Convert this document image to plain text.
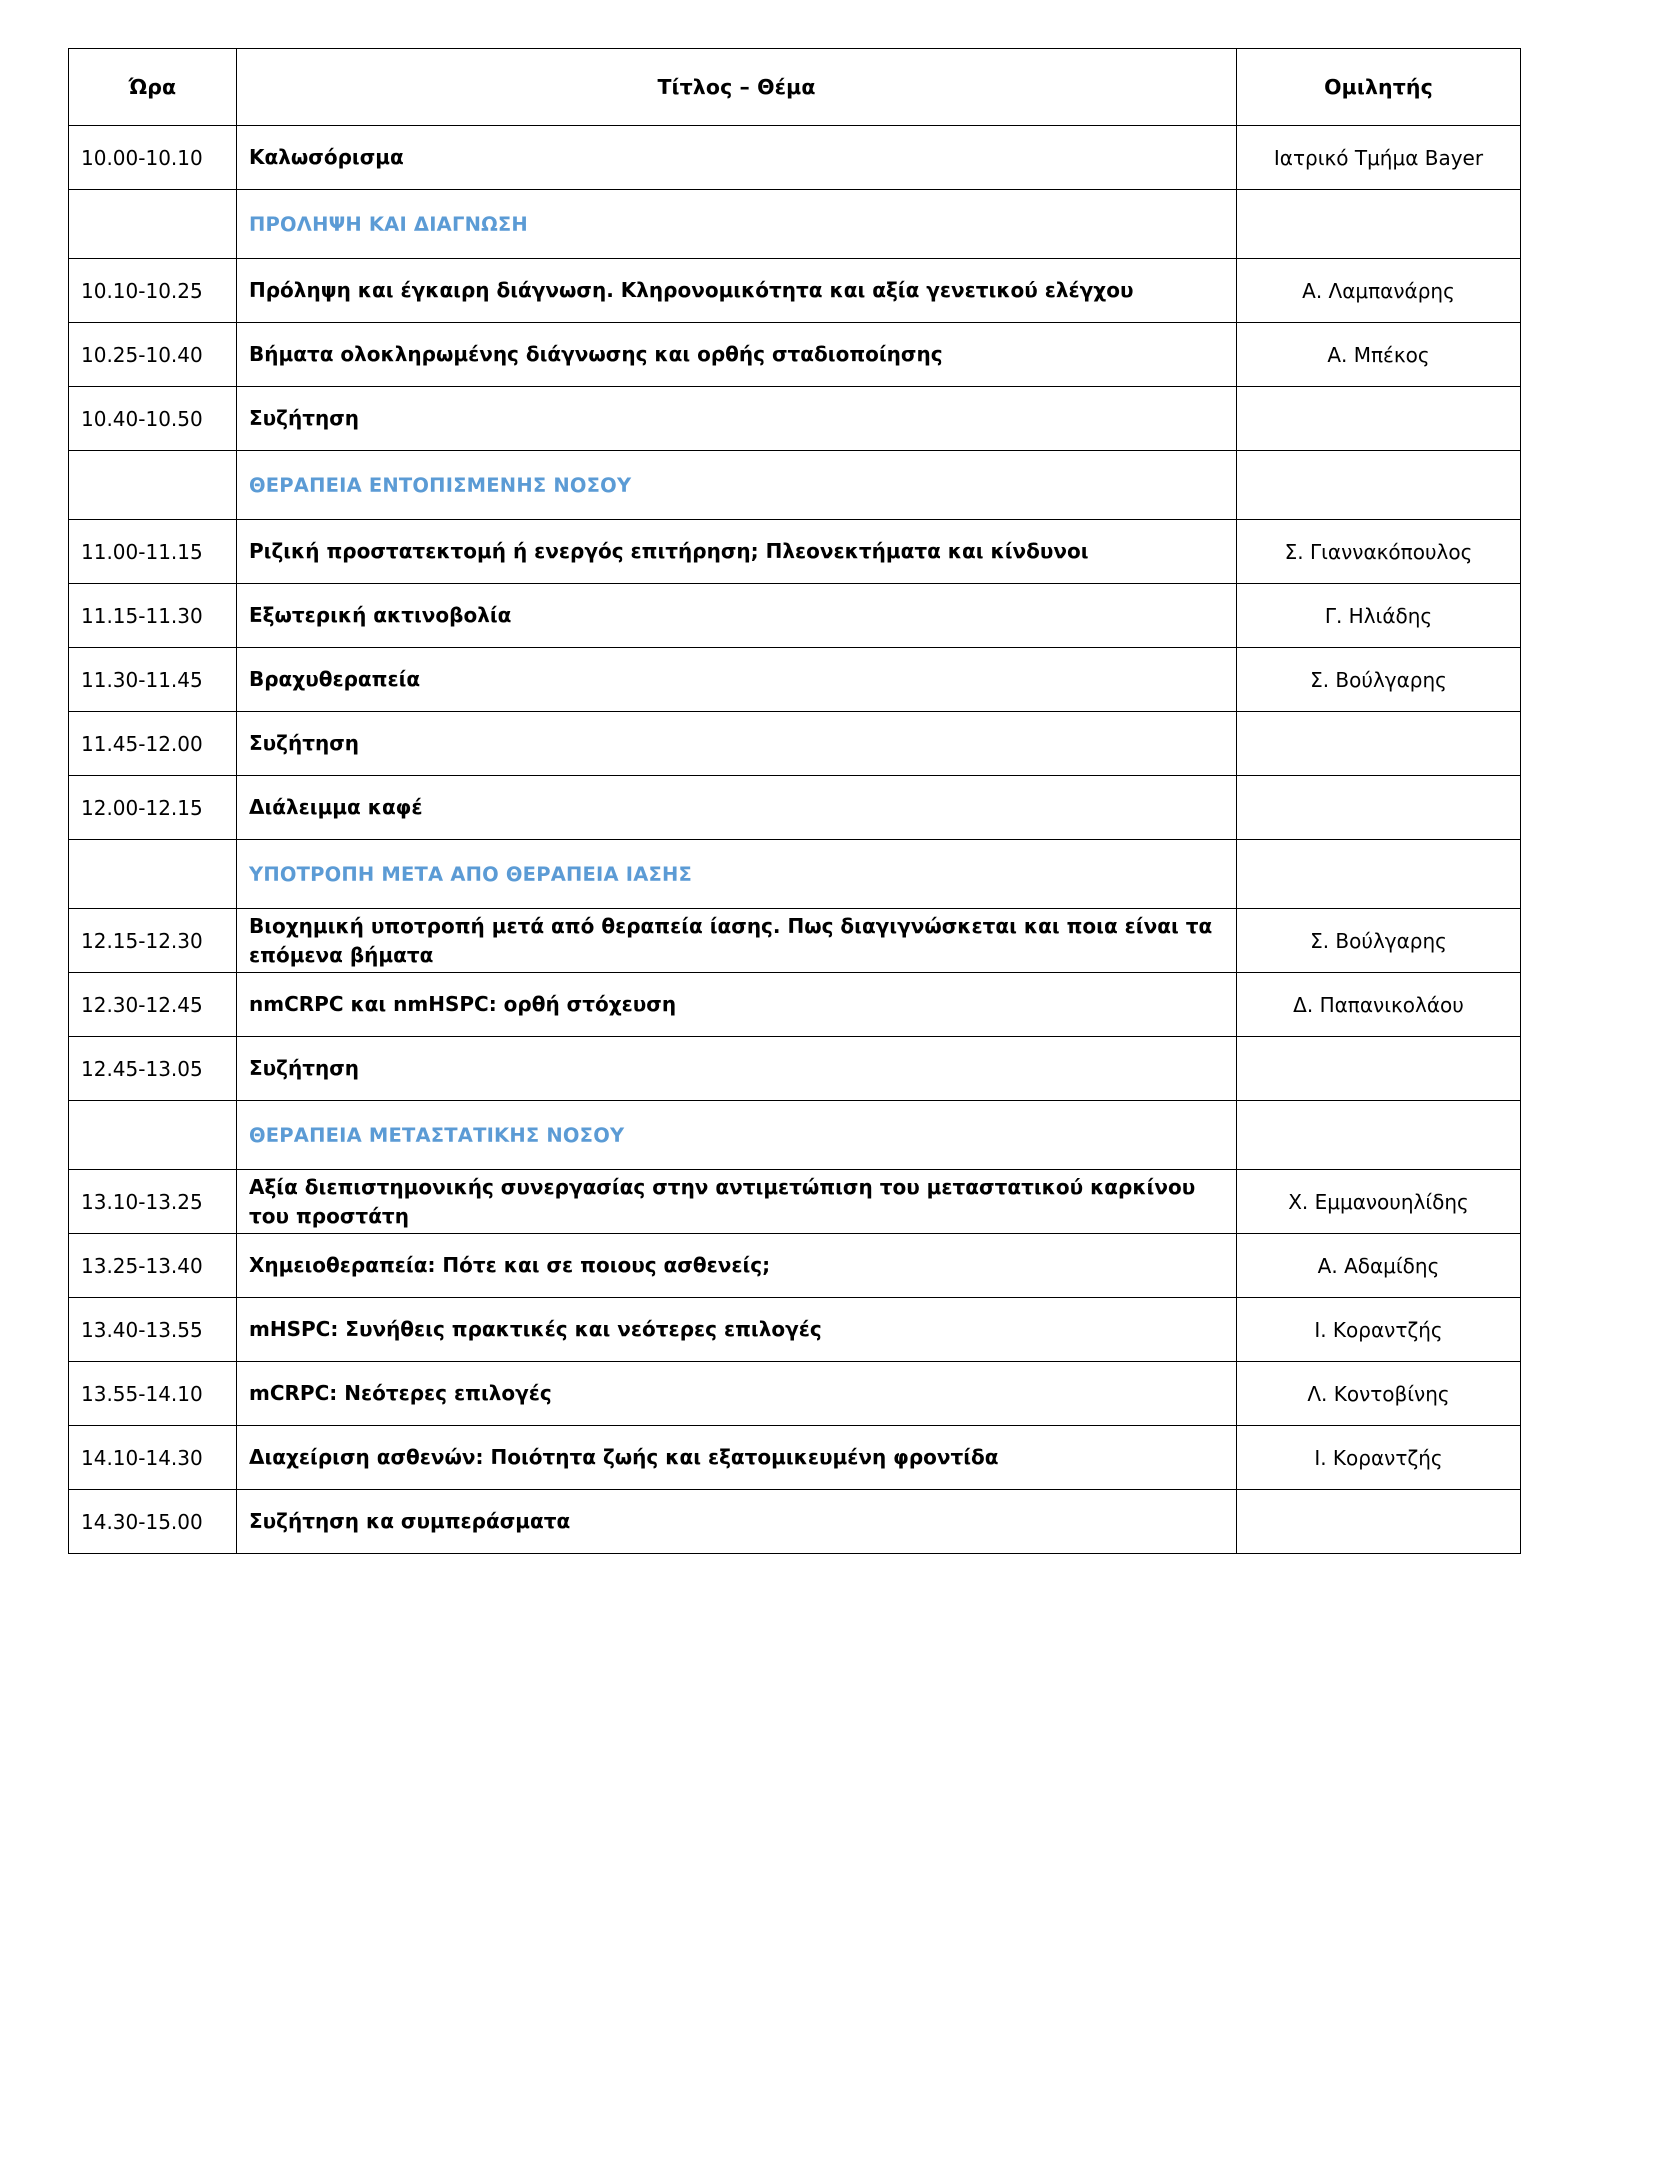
Ώρα	Τίτλος – Θέμα	Ομιλητής
10.00-10.10	Καλωσόρισμα	Ιατρικό Τμήμα Bayer
	ΠΡΟΛΗΨΗ ΚΑΙ ΔΙΑΓΝΩΣΗ	
10.10-10.25	Πρόληψη και έγκαιρη διάγνωση. Κληρονομικότητα και αξία γενετικού ελέγχου	Α. Λαμπανάρης
10.25-10.40	Βήματα ολοκληρωμένης διάγνωσης και ορθής σταδιοποίησης	Α. Μπέκος
10.40-10.50	Συζήτηση	
	ΘΕΡΑΠΕΙΑ ΕΝΤΟΠΙΣΜΕΝΗΣ ΝΟΣΟΥ	
11.00-11.15	Ριζική προστατεκτομή ή ενεργός επιτήρηση; Πλεονεκτήματα και κίνδυνοι	Σ. Γιαννακόπουλος
11.15-11.30	Εξωτερική ακτινοβολία	Γ. Ηλιάδης
11.30-11.45	Βραχυθεραπεία	Σ. Βούλγαρης
11.45-12.00	Συζήτηση	
12.00-12.15	Διάλειμμα καφέ	
	ΥΠΟΤΡΟΠΗ ΜΕΤΑ ΑΠΟ ΘΕΡΑΠΕΙΑ ΙΑΣΗΣ	
12.15-12.30	Βιοχημική υποτροπή μετά από θεραπεία ίασης. Πως διαγιγνώσκεται και ποια είναι τα επόμενα βήματα	Σ. Βούλγαρης
12.30-12.45	nmCRPC και nmHSPC: ορθή στόχευση	Δ. Παπανικολάου
12.45-13.05	Συζήτηση	
	ΘΕΡΑΠΕΙΑ ΜΕΤΑΣΤΑΤΙΚΗΣ ΝΟΣΟΥ	
13.10-13.25	Αξία διεπιστημονικής συνεργασίας στην αντιμετώπιση του μεταστατικού καρκίνου του προστάτη	Χ. Εμμανουηλίδης
13.25-13.40	Χημειοθεραπεία: Πότε και σε ποιους ασθενείς;	Α. Αδαμίδης
13.40-13.55	mHSPC: Συνήθεις πρακτικές και νεότερες επιλογές	Ι. Κοραντζής
13.55-14.10	mCRPC: Νεότερες επιλογές	Λ. Κοντοβίνης
14.10-14.30	Διαχείριση ασθενών: Ποιότητα ζωής και εξατομικευμένη φροντίδα	Ι. Κοραντζής
14.30-15.00	Συζήτηση κα συμπεράσματα	
